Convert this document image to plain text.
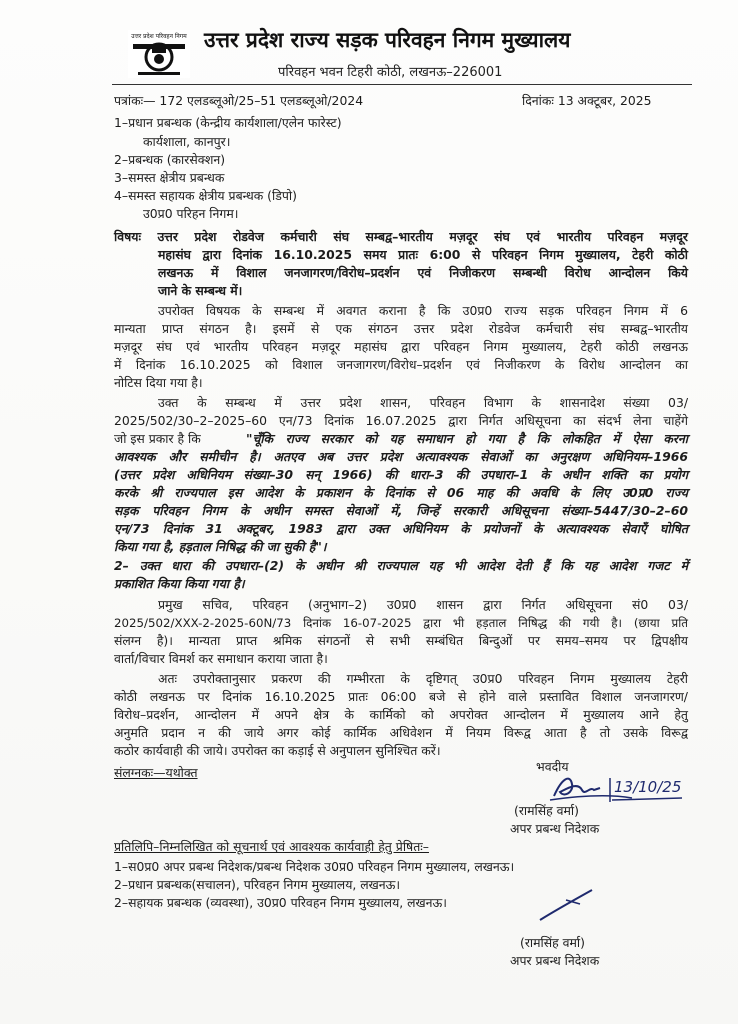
उत्तर प्रदेश परिवहन निगम उत्तर प्रदेश राज्य सड़क परिवहन निगम मुख्यालय
परिवहन भवन टिहरी कोठी, लखनऊ–226001
पत्रांकः— 172 एलडब्लूओ/25–51 एलडब्लूओ/2024	दिनांकः 13 अक्टूबर, 2025
1–प्रधान प्रबन्धक (केन्द्रीय कार्यशाला/एलेन फारेस्ट)
कार्यशाला, कानपुर।
2–प्रबन्धक (कारसेक्शन)
3–समस्त क्षेत्रीय प्रबन्धक
4–समस्त सहायक क्षेत्रीय प्रबन्धक (डिपो)
उ0प्र0 परिहन निगम।
विषयः उत्तर प्रदेश रोडवेज कर्मचारी संघ सम्बद्व–भारतीय मज़दूर संघ एवं भारतीय परिवहन मज़दूर
महासंघ द्वारा दिनांक 16.10.2025 समय प्रातः 6:00 से परिवहन निगम मुख्यालय, टेहरी कोठी
लखनऊ में विशाल जनजागरण/विरोध–प्रदर्शन एवं निजीकरण सम्बन्धी विरोध आन्दोलन किये
जाने के सम्बन्ध में।
उपरोक्त विषयक के सम्बन्ध में अवगत कराना है कि उ0प्र0 राज्य सड़क परिवहन निगम में 6
मान्यता प्राप्त संगठन है। इसमें से एक संगठन उत्तर प्रदेश रोडवेज कर्मचारी संघ सम्बद्व–भारतीय
मज़दूर संघ एवं भारतीय परिवहन मज़दूर महासंघ द्वारा परिवहन निगम मुख्यालय, टेहरी कोठी लखनऊ
में दिनांक 16.10.2025 को विशाल जनजागरण/विरोध–प्रदर्शन एवं निजीकरण के विरोध आन्दोलन का
नोटिस दिया गया है।
उक्त के सम्बन्ध में उत्तर प्रदेश शासन, परिवहन विभाग के शासनादेश संख्या 03/
2025/502/30–2–2025–60 एन/73 दिनांक 16.07.2025 द्वारा निर्गत अधिसूचना का संदर्भ लेना चाहेंगे
जो इस प्रकार है कि	"चूँकि राज्य सरकार को यह समाधान हो गया है कि लोकहित में ऐसा करना
आवश्यक और समीचीन है। अतएव अब उत्तर प्रदेश अत्यावश्यक सेवाओं का अनुरक्षण अधिनियम–1966
(उत्तर प्रदेश अधिनियम संख्या–30 सन् 1966) की धारा–3 की उपधारा–1 के अधीन शक्ति का प्रयोग
करके श्री राज्यपाल इस आदेश के प्रकाशन के दिनांक से 06 माह की अवधि के लिए उ0प्र0 राज्य
सड़क परिवहन निगम के अधीन समस्त सेवाओं में, जिन्हें सरकारी अधिसूचना संख्या–5447/30–2–60
एन/73 दिनांक 31 अक्टूबर, 1983 द्वारा उक्त अधिनियम के प्रयोजनों के अत्यावश्यक सेवाएँ घोषित
किया गया है, हड़ताल निषिद्ध की जा सुकी है"।
2– उक्त धारा की उपधारा–(2) के अधीन श्री राज्यपाल यह भी आदेश देती हैं कि यह आदेश गजट में
प्रकाशित किया किया गया है।
प्रमुख सचिव, परिवहन (अनुभाग–2) उ0प्र0 शासन द्वारा निर्गत अधिसूचना सं0 03/
2025/502/XXX-2-2025-60N/73 दिनांक 16-07-2025 द्वारा भी हड़ताल निषिद्ध की गयी है। (छाया प्रति
संलग्न है)। मान्यता प्राप्त श्रमिक संगठनों से सभी सम्बंधित बिन्दुओं पर समय–समय पर द्विपक्षीय
वार्ता/विचार विमर्श कर समाधान कराया जाता है।
अतः उपरोक्तानुसार प्रकरण की गम्भीरता के दृष्टिगत् उ0प्र0 परिवहन निगम मुख्यालय टेहरी
कोठी लखनऊ पर दिनांक 16.10.2025 प्रातः 06:00 बजे से होने वाले प्रस्तावित विशाल जनजागरण/
विरोध–प्रदर्शन, आन्दोलन में अपने क्षेत्र के कार्मिको को अपरोक्त आन्दोलन में मुख्यालय आने हेतु
अनुमति प्रदान न की जाये अगर कोई कार्मिक अधिवेशन में नियम विरूद्व आता है तो उसके विरूद्व
कठोर कार्यवाही की जाये। उपरोक्त का कड़ाई से अनुपालन सुनिश्चित करें।
संलग्नकः—यथोक्त	भवदीय
13/10/25
(रामसिंह वर्मा)
अपर प्रबन्ध निदेशक
प्रतिलिपि–निम्नलिखित को सूचनार्थ एवं आवश्यक कार्यवाही हेतु प्रेषितः–
1–स0प्र0 अपर प्रबन्ध निदेशक/प्रबन्ध निदेशक उ0प्र0 परिवहन निगम मुख्यालय, लखनऊ।
2–प्रधान प्रबन्धक(सचालन), परिवहन निगम मुख्यालय, लखनऊ।
2–सहायक प्रबन्धक (व्यवस्था), उ0प्र0 परिवहन निगम मुख्यालय, लखनऊ।
(रामसिंह वर्मा)
अपर प्रबन्ध निदेशक
